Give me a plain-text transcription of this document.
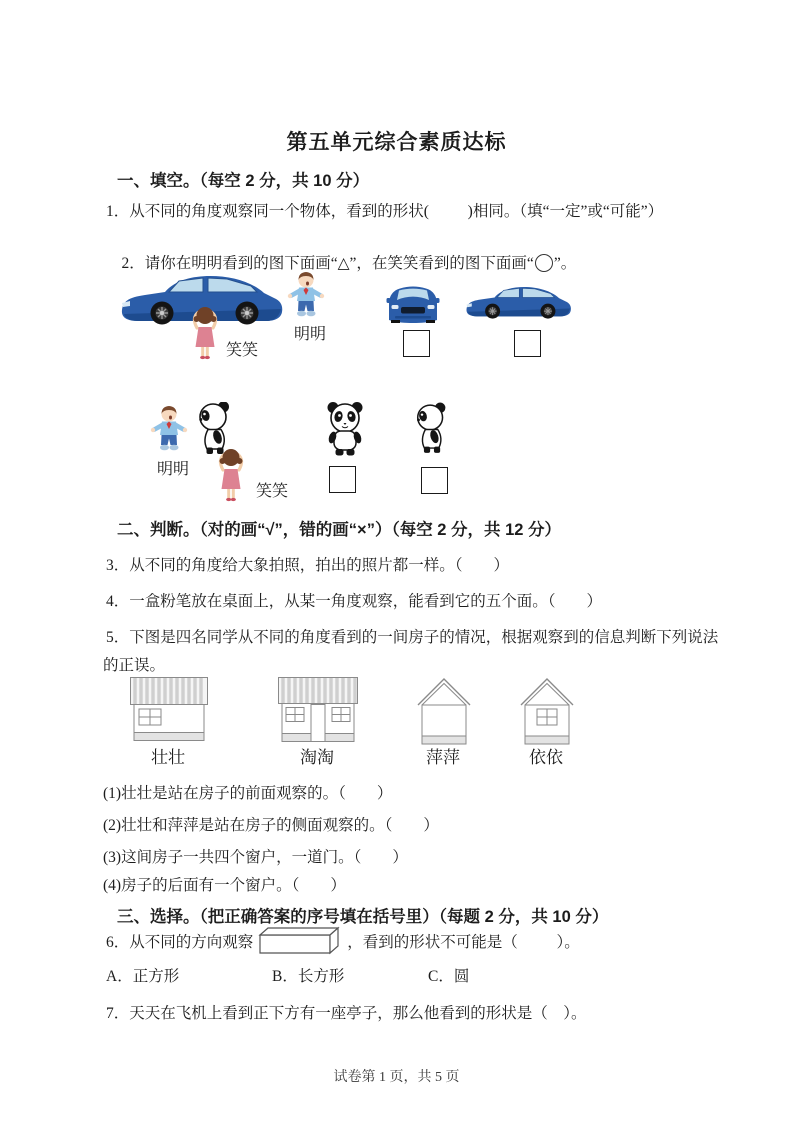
第五单元综合素质达标
一、填空。（每空 2 分，共 10 分）
1．从不同的角度观察同一个物体，看到的形状(          )相同。（填“一定”或“可能”）

2．请你在明明看到的图下面画“△”，在笑笑看到的图下面画“○”。

笑笑
明明
明明
笑笑
二、判断。（对的画“√”，错的画“×”）（每空 2 分，共 12 分）
3．从不同的角度给大象拍照，拍出的照片都一样。（        ）
4．一盒粉笔放在桌面上，从某一角度观察，能看到它的五个面。（        ）
5．下图是四名同学从不同的角度看到的一间房子的情况，根据观察到的信息判断下列说法
的正误。
壮壮	淘淘	萍萍	依依
(1)壮壮是站在房子的前面观察的。（        ）
(2)壮壮和萍萍是站在房子的侧面观察的。（        ）
(3)这间房子一共四个窗户，一道门。（        ）
(4)房子的后面有一个窗户。（        ）
三、选择。（把正确答案的序号填在括号里）（每题 2 分，共 10 分）
6．从不同的方向观察	，看到的形状不可能是（          ）。
A．正方形	B．长方形	C．圆
7．天天在飞机上看到正下方有一座亭子，那么他看到的形状是（    ）。
试卷第 1 页，共 5 页
